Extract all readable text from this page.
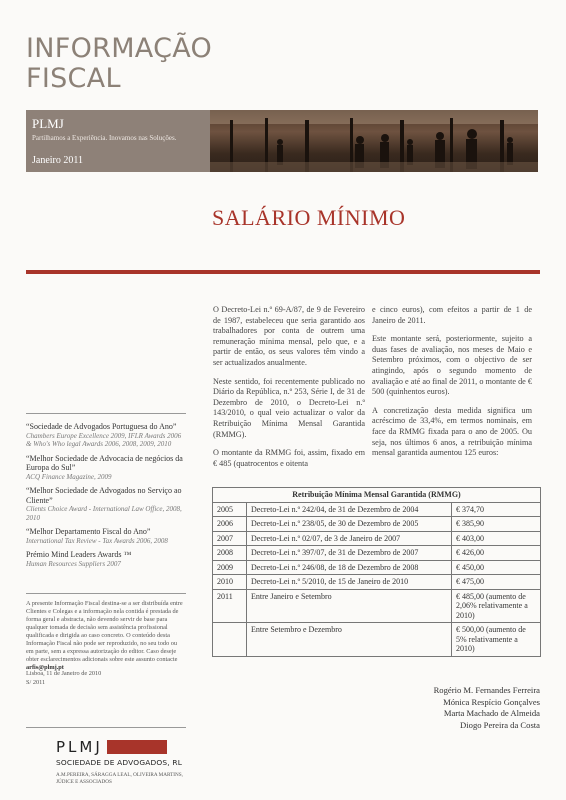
INFORMAÇÃO
FISCAL
PLMJ
Partilhamos a Experiência. Inovamos nas Soluções.
Janeiro 2011
SALÁRIO MÍNIMO

O Decreto-Lei n.º 69-A/87, de 9 de Fevereiro de 1987, estabeleceu que seria garantido aos trabalhadores por conta de outrem uma remuneração mínima mensal, pelo que, e a partir de então, os seus valores têm vindo a ser actualizados anualmente.

Neste sentido, foi recentemente publicado no Diário da República, n.º 253, Série I, de 31 de Dezembro de 2010, o Decreto-Lei n.º 143/2010, o qual veio actualizar o valor da Retribuição Mínima Mensal Garantida (RMMG).

O montante da RMMG foi, assim, fixado em € 485 (quatrocentos e oitenta

e cinco euros), com efeitos a partir de 1 de Janeiro de 2011.

Este montante será, posteriormente, sujeito a duas fases de avaliação, nos meses de Maio e Setembro próximos, com o objectivo de ser atingindo, após o segundo momento de avaliação e até ao final de 2011, o montante de € 500 (quinhentos euros).

A concretização desta medida significa um acréscimo de 33,4%, em termos nominais, em face da RMMG fixada para o ano de 2005. Ou seja, nos últimos 6 anos, a retribuição mínima mensal garantida aumentou 125 euros:

Retribuição Mínima Mensal Garantida (RMMG)		
2005	Decreto-Lei n.º 242/04, de 31 de Dezembro de 2004	€ 374,70
2006	Decreto-Lei n.º 238/05, de 30 de Dezembro de 2005	€ 385,90
2007	Decreto-Lei n.º 02/07, de 3 de Janeiro de 2007	€ 403,00
2008	Decreto-Lei n.º 397/07, de 31 de Dezembro de 2007	€ 426,00
2009	Decreto-Lei n.º 246/08, de 18 de Dezembro de 2008	€ 450,00
2010	Decreto-Lei n.º 5/2010, de 15 de Janeiro de 2010	€ 475,00
2011	Entre Janeiro e Setembro	€ 485,00 (aumento de 2,06% relativamente a 2010)
	Entre Setembro e Dezembro	€ 500,00 (aumento de 5% relativamente a 2010)
Rogério M. Fernandes Ferreira
Mónica Respício Gonçalves
Marta Machado de Almeida
Diogo Pereira da Costa
“Sociedade de Advogados Portuguesa do Ano”
Chambers Europe Excellence 2009, IFLR Awards 2006 & Who's Who legal Awards 2006, 2008, 2009, 2010
“Melhor Sociedade de Advocacia de negócios da Europa do Sul”
ACQ Finance Magazine, 2009
“Melhor Sociedade de Advogados no Serviço ao Cliente”
Clients Choice Award - International Law Office, 2008, 2010
“Melhor Departamento Fiscal do Ano”
International Tax Review - Tax Awards 2006, 2008
Prémio Mind Leaders Awards ™
Human Resources Suppliers 2007
A presente Informação Fiscal destina-se a ser distribuída entre Clientes e Colegas e a informação nela contida é prestada de forma geral e abstracta, não devendo servir de base para qualquer tomada de decisão sem assistência profissional qualificada e dirigida ao caso concreto. O conteúdo desta Informação Fiscal não pode ser reproduzido, no seu todo ou em parte, sem a expressa autorização do editor. Caso deseje obter esclarecimentos adicionais sobre este assunto contacte arfis@plmj.pt
Lisboa, 11 de Janeiro de 2010
S/ 2011
PLMJ
SOCIEDADE DE ADVOGADOS, RL
A.M.PEREIRA, SÁRAGGA LEAL, OLIVEIRA MARTINS, JÚDICE E ASSOCIADOS
